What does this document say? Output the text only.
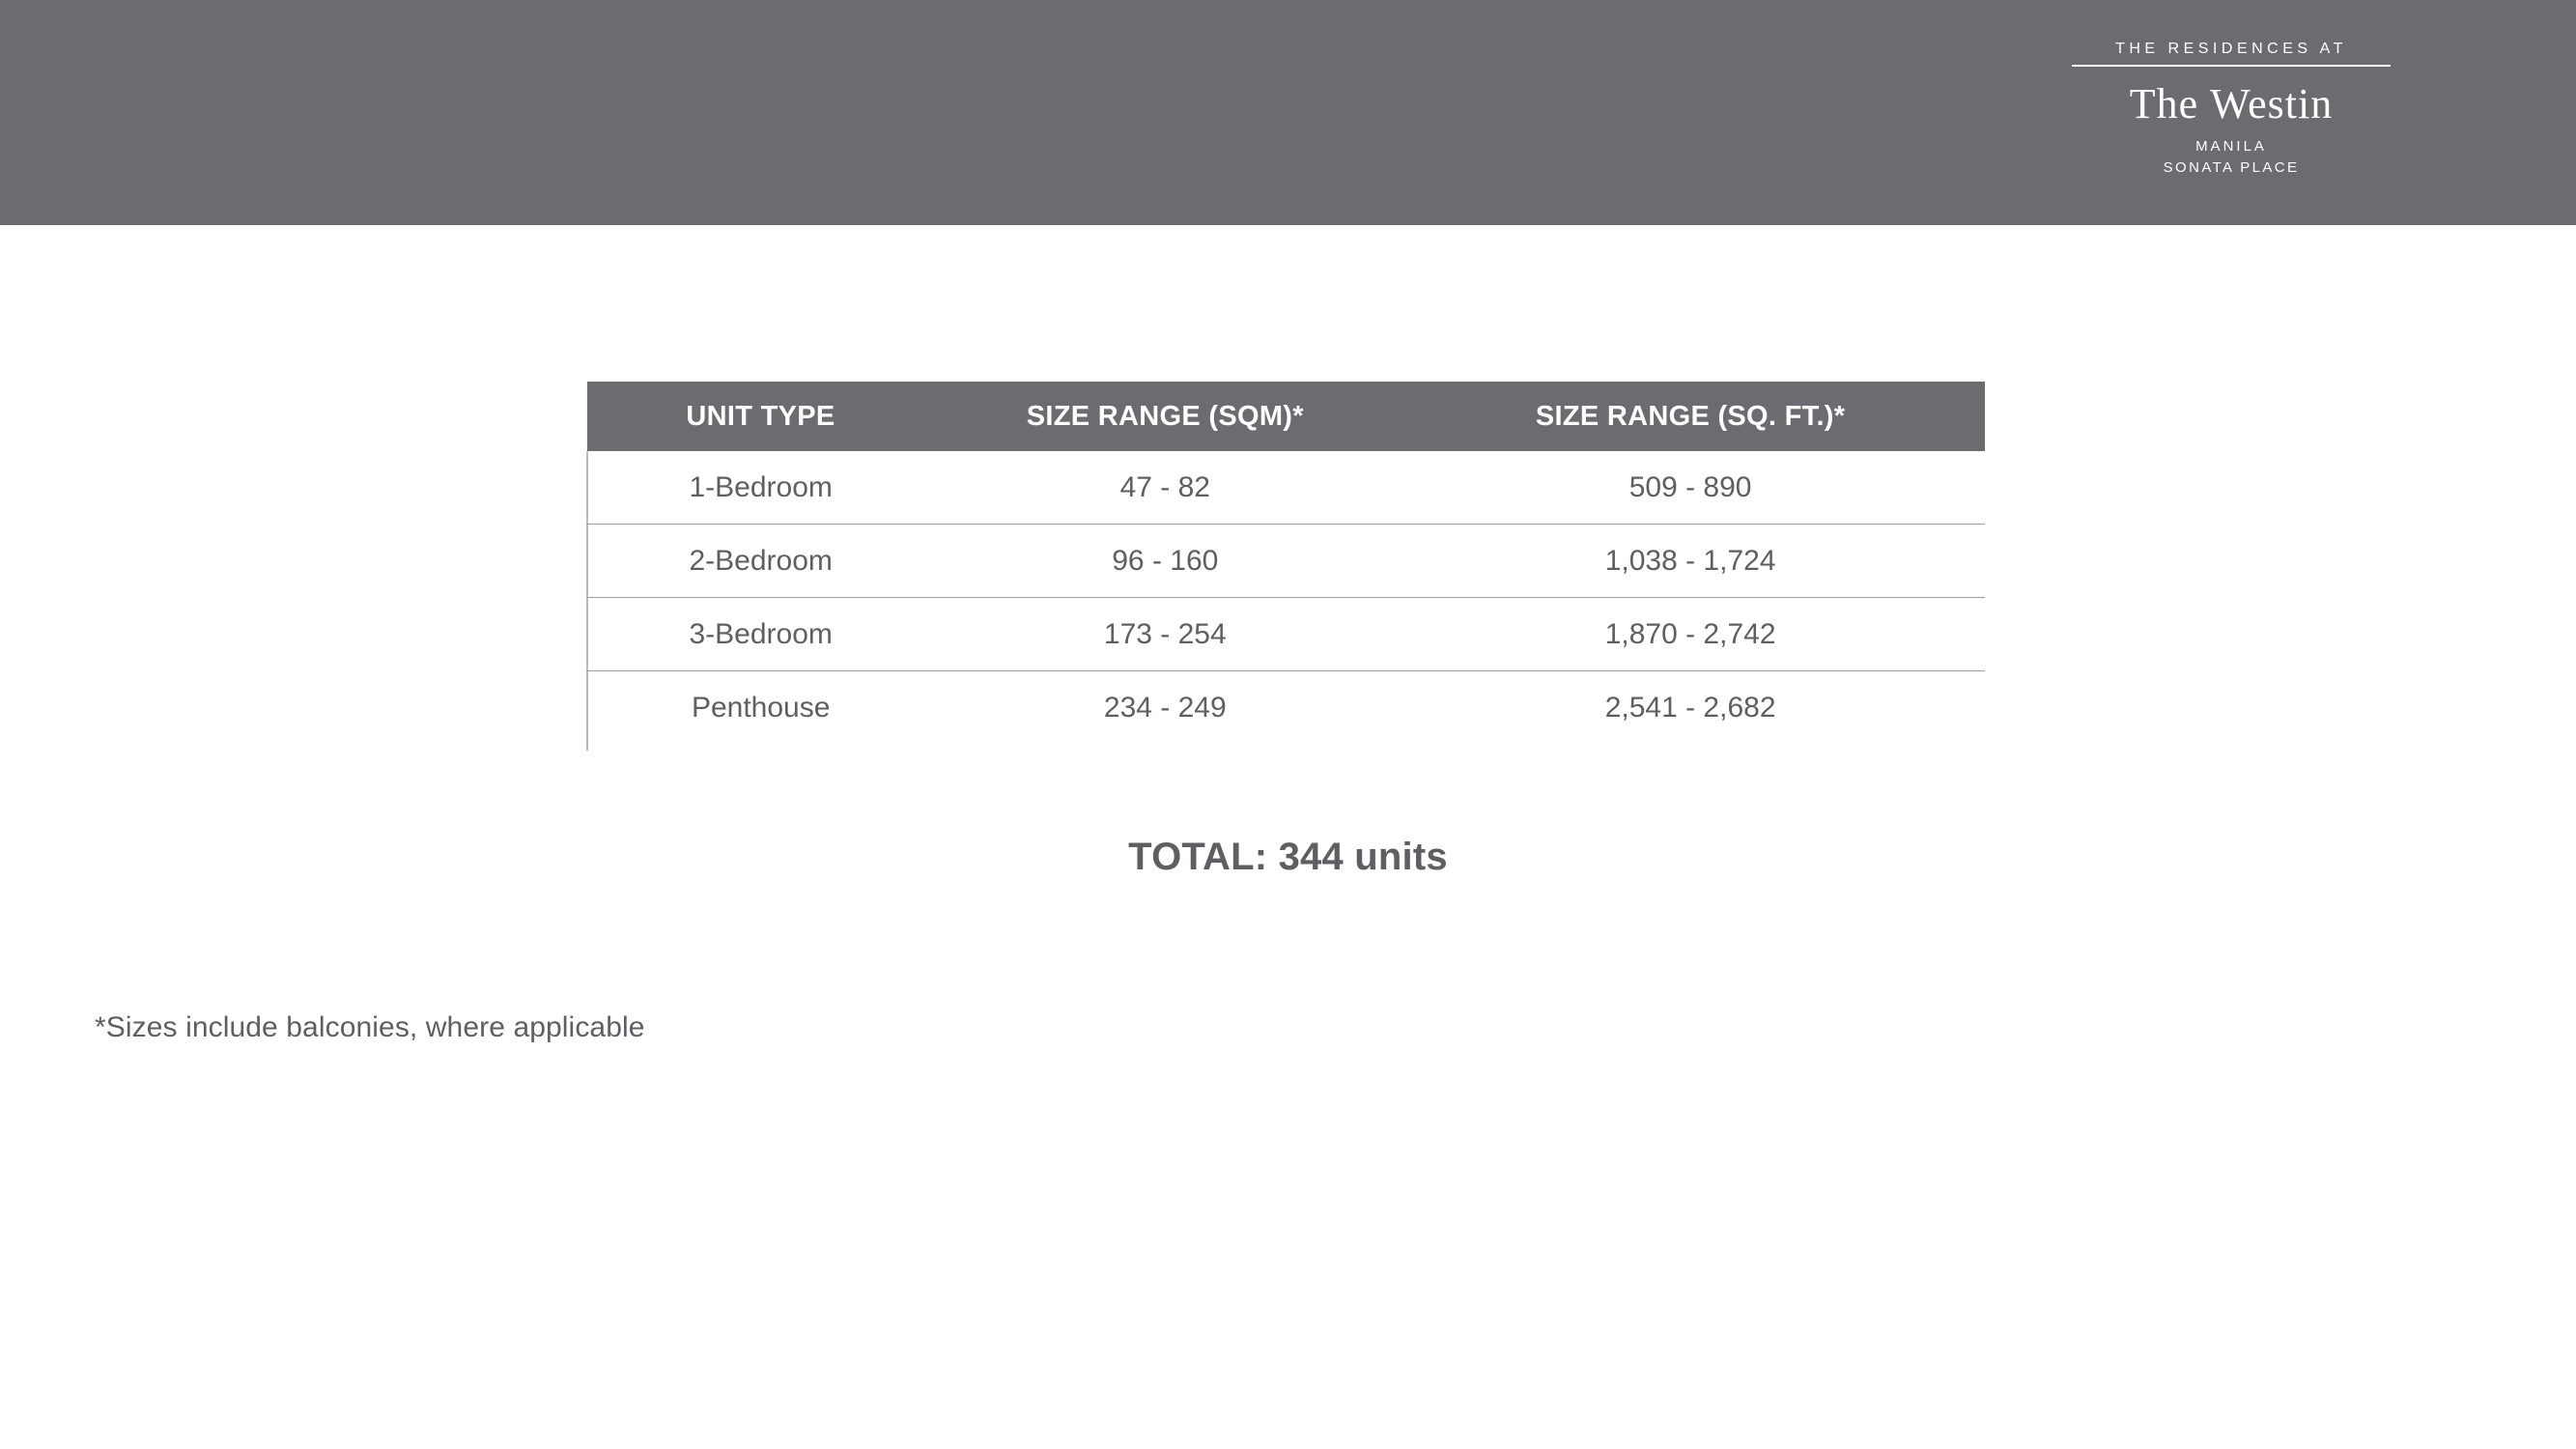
THE RESIDENCES AT
The Westin
MANILA
SONATA PLACE
UNIT TYPE	SIZE RANGE (SQM)*	SIZE RANGE (SQ. FT.)*
1-Bedroom	47 - 82	509 - 890
2-Bedroom	96 - 160	1,038 - 1,724
3-Bedroom	173 - 254	1,870 - 2,742
Penthouse	234 - 249	2,541 - 2,682
TOTAL: 344 units
*Sizes include balconies, where applicable
